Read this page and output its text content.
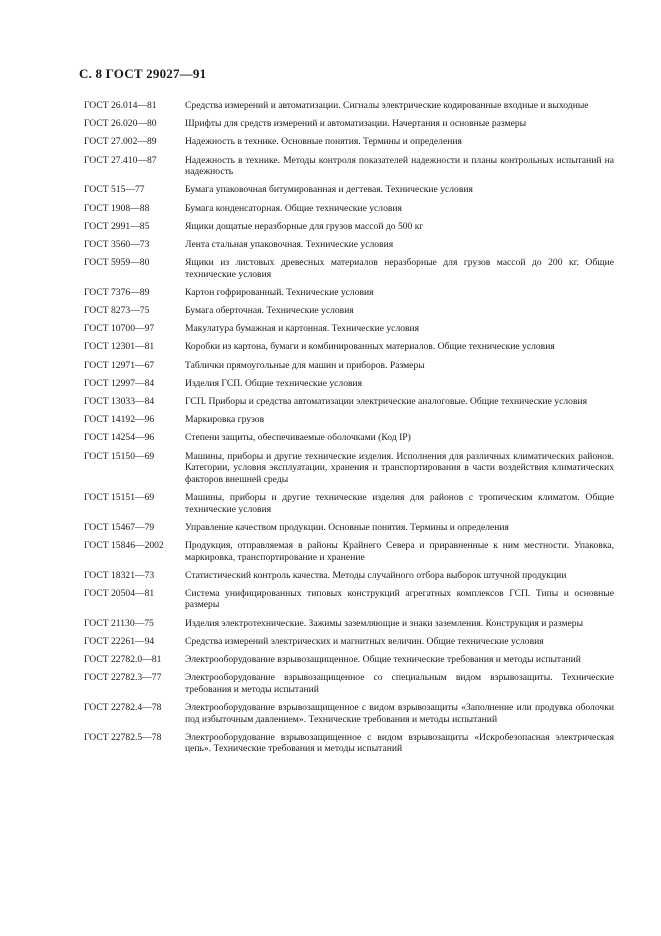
С. 8 ГОСТ 29027—91
ГОСТ 26.014—81	Средства измерений и автоматизации. Сигналы электрические кодированные входные и выходные
ГОСТ 26.020—80	Шрифты для средств измерений и автоматизации. Начертания и основные размеры
ГОСТ 27.002—89	Надежность в технике. Основные понятия. Термины и определения
ГОСТ 27.410—87	Надежность в технике. Методы контроля показателей надежности и планы контрольных испытаний на надежность
ГОСТ 515—77	Бумага упаковочная битумированная и дегтевая. Технические условия
ГОСТ 1908—88	Бумага конденсаторная. Общие технические условия
ГОСТ 2991—85	Ящики дощатые неразборные для грузов массой до 500 кг
ГОСТ 3560—73	Лента стальная упаковочная. Технические условия
ГОСТ 5959—80	Ящики из листовых древесных материалов неразборные для грузов массой до 200 кг. Общие технические условия
ГОСТ 7376—89	Картон гофрированный. Технические условия
ГОСТ 8273—75	Бумага оберточная. Технические условия
ГОСТ 10700—97	Макулатура бумажная и картонная. Технические условия
ГОСТ 12301—81	Коробки из картона, бумаги и комбинированных материалов. Общие технические условия
ГОСТ 12971—67	Таблички прямоугольные для машин и приборов. Размеры
ГОСТ 12997—84	Изделия ГСП. Общие технические условия
ГОСТ 13033—84	ГСП. Приборы и средства автоматизации электрические аналоговые. Общие технические условия
ГОСТ 14192—96	Маркировка грузов
ГОСТ 14254—96	Степени защиты, обеспечиваемые оболочками (Код IP)
ГОСТ 15150—69	Машины, приборы и другие технические изделия. Исполнения для различных климатических районов. Категории, условия эксплуатации, хранения и транспортирования в части воздействия климатических факторов внешней среды
ГОСТ 15151—69	Машины, приборы и другие технические изделия для районов с тропическим климатом. Общие технические условия
ГОСТ 15467—79	Управление качеством продукции. Основные понятия. Термины и определения
ГОСТ 15846—2002	Продукция, отправляемая в районы Крайнего Севера и приравненные к ним местности. Упаковка, маркировка, транспортирование и хранение
ГОСТ 18321—73	Статистический контроль качества. Методы случайного отбора выборок штучной продукции
ГОСТ 20504—81	Система унифицированных типовых конструкций агрегатных комплексов ГСП. Типы и основные размеры
ГОСТ 21130—75	Изделия электротехнические. Зажимы заземляющие и знаки заземления. Конструкция и размеры
ГОСТ 22261—94	Средства измерений электрических и магнитных величин. Общие технические условия
ГОСТ 22782.0—81	Электрооборудование взрывозащищенное. Общие технические требования и методы испытаний
ГОСТ 22782.3—77	Электрооборудование взрывозащищенное со специальным видом взрывозащиты. Технические требования и методы испытаний
ГОСТ 22782.4—78	Электрооборудование взрывозащищенное с видом взрывозащиты «Заполнение или продувка оболочки под избыточным давлением». Технические требования и методы испытаний
ГОСТ 22782.5—78	Электрооборудование взрывозащищенное с видом взрывозащиты «Искробезопасная электрическая цепь». Технические требования и методы испытаний
